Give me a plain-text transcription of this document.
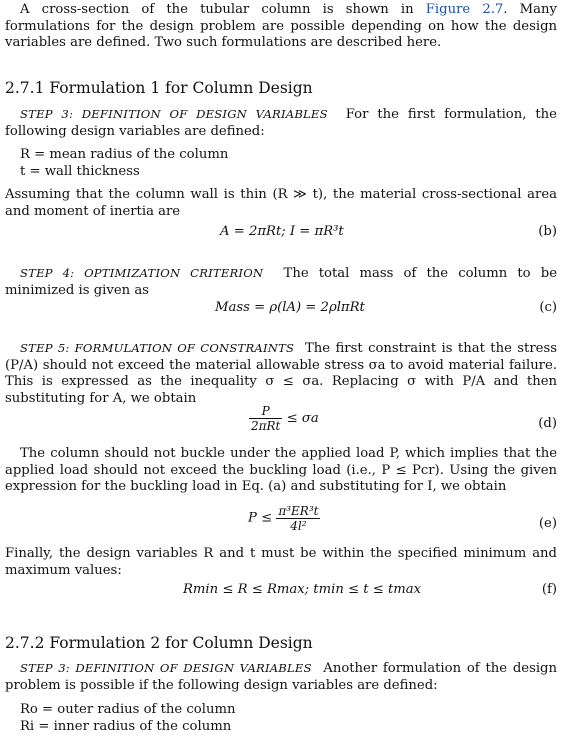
A cross-section of the tubular column is shown in Figure 2.7. Many formulations for the design problem are possible depending on how the design variables are defined. Two such formulations are described here.

2.7.1 Formulation 1 for Column Design

STEP 3: DEFINITION OF DESIGN VARIABLES For the first formulation, the following design variables are defined:

R = mean radius of the column
t = wall thickness

Assuming that the column wall is thin (R ≫ t), the material cross-sectional area and moment of inertia are

A = 2πRt; I = πR³t	(b)

STEP 4: OPTIMIZATION CRITERION The total mass of the column to be minimized is given as

Mass = ρ(lA) = 2ρlπRt	(c)

STEP 5: FORMULATION OF CONSTRAINTS The first constraint is that the stress (P/A) should not exceed the material allowable stress σa to avoid material failure. This is expressed as the inequality σ ≤ σa. Replacing σ with P/A and then substituting for A, we obtain

$\frac{P}{\text{2πRt}} \le \sigma a$	(d)

The column should not buckle under the applied load P, which implies that the applied load should not exceed the buckling load (i.e., P ≤ Pcr). Using the given expression for the buckling load in Eq. (a) and substituting for I, we obtain

$P \le \frac{\text{π³ER³t}}{\text{4l²}}$	(e)

Finally, the design variables R and t must be within the specified minimum and maximum values:

Rmin ≤ R ≤ Rmax; tmin ≤ t ≤ tmax	(f)
2.7.2 Formulation 2 for Column Design

STEP 3: DEFINITION OF DESIGN VARIABLES Another formulation of the design problem is possible if the following design variables are defined:

Ro = outer radius of the column
Ri = inner radius of the column
